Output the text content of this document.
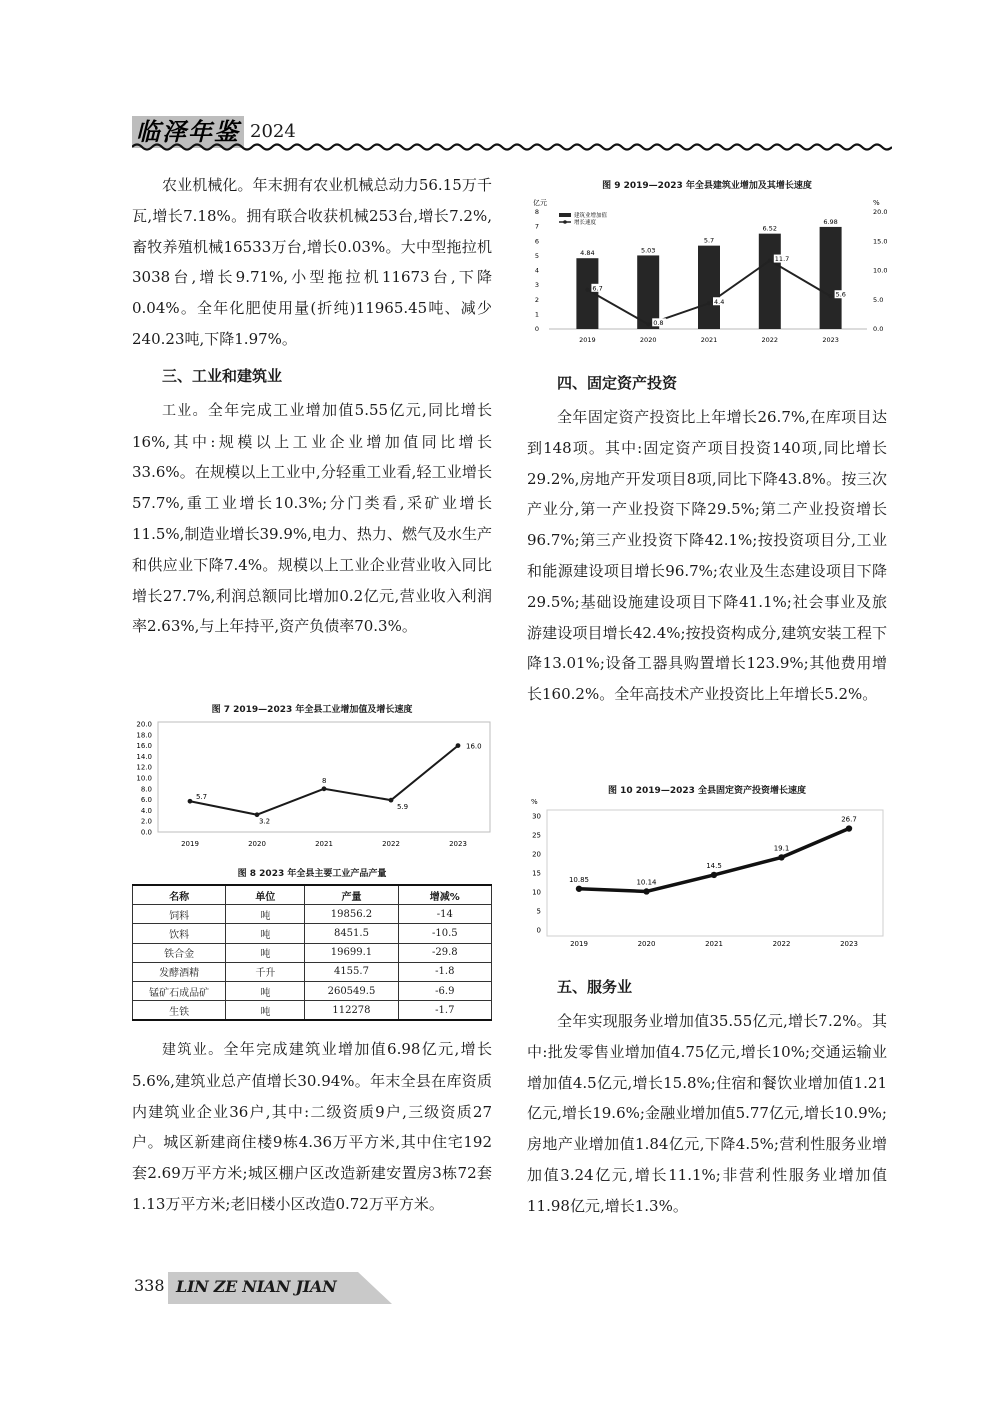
临泽年鉴 2024

农业机械化。年末拥有农业机械总动力56.15万千瓦,增长7.18%。拥有联合收获机械253台,增长7.2%,畜牧养殖机械16533万台,增长0.03%。大中型拖拉机3038台,增长9.71%,小型拖拉机11673台,下降0.04%。全年化肥使用量(折纯)11965.45吨、减少240.23吨,下降1.97%。

三、工业和建筑业

工业。全年完成工业增加值5.55亿元,同比增长16%,其中:规模以上工业企业增加值同比增长33.6%。在规模以上工业中,分轻重工业看,轻工业增长57.7%,重工业增长10.3%;分门类看,采矿业增长11.5%,制造业增长39.9%,电力、热力、燃气及水生产和供应业下降7.4%。规模以上工业企业营业收入同比增长27.7%,利润总额同比增加0.2亿元,营业收入利润率2.63%,与上年持平,资产负债率70.3%。

图 7 2019—2023 年全县工业增加值及增长速度
0.0
2.0
4.0
6.0
8.0
10.0
12.0
14.0
16.0
18.0
20.0
2019	2020	2021	2022	2023
5.7
3.2
8
5.9
16.0
图 8 2023 年全县主要工业产品产量
名称	单位	产量	增减%
饲料	吨	19856.2	-14
饮料	吨	8451.5	-10.5
铁合金	吨	19699.1	-29.8
发酵酒精	千升	4155.7	-1.8
锰矿石成品矿	吨	260549.5	-6.9
生铁	吨	112278	-1.7

建筑业。全年完成建筑业增加值6.98亿元,增长5.6%,建筑业总产值增长30.94%。年末全县在库资质内建筑业企业36户,其中:二级资质9户,三级资质27户。城区新建商住楼9栋4.36万平方米,其中住宅192套2.69万平方米;城区棚户区改造新建安置房3栋72套1.13万平方米;老旧楼小区改造0.72万平方米。

图 9 2019—2023 年全县建筑业增加及其增长速度
亿元	%
0
1
2
3
4
5
6
7
8
0.0
5.0
10.0
15.0
20.0
4.84	5.03
5.7
6.52
6.98
6.7
0.8
4.4
11.7
5.6
2019	2020	2021	2022	2023
建筑业增加值
增长速度
四、固定资产投资

全年固定资产投资比上年增长26.7%,在库项目达到148项。其中:固定资产项目投资140项,同比增长29.2%,房地产开发项目8项,同比下降43.8%。按三次产业分,第一产业投资下降29.5%;第二产业投资增长96.7%;第三产业投资下降42.1%;按投资项目分,工业和能源建设项目增长96.7%;农业及生态建设项目下降29.5%;基础设施建设项目下降41.1%;社会事业及旅游建设项目增长42.4%;按投资构成分,建筑安装工程下降13.01%;设备工器具购置增长123.9%;其他费用增长160.2%。全年高技术产业投资比上年增长5.2%。

图 10 2019—2023 全县固定资产投资增长速度
%
0
5
10
15
20
25
30
2019	2020	2021	2022	2023
10.85	10.14
14.5
19.1
26.7
五、服务业

全年实现服务业增加值35.55亿元,增长7.2%。其中:批发零售业增加值4.75亿元,增长10%;交通运输业增加值4.5亿元,增长15.8%;住宿和餐饮业增加值1.21亿元,增长19.6%;金融业增加值5.77亿元,增长10.9%;房地产业增加值1.84亿元,下降4.5%;营利性服务业增加值3.24亿元,增长11.1%;非营利性服务业增加值11.98亿元,增长1.3%。

338 LIN ZE NIAN JIAN
